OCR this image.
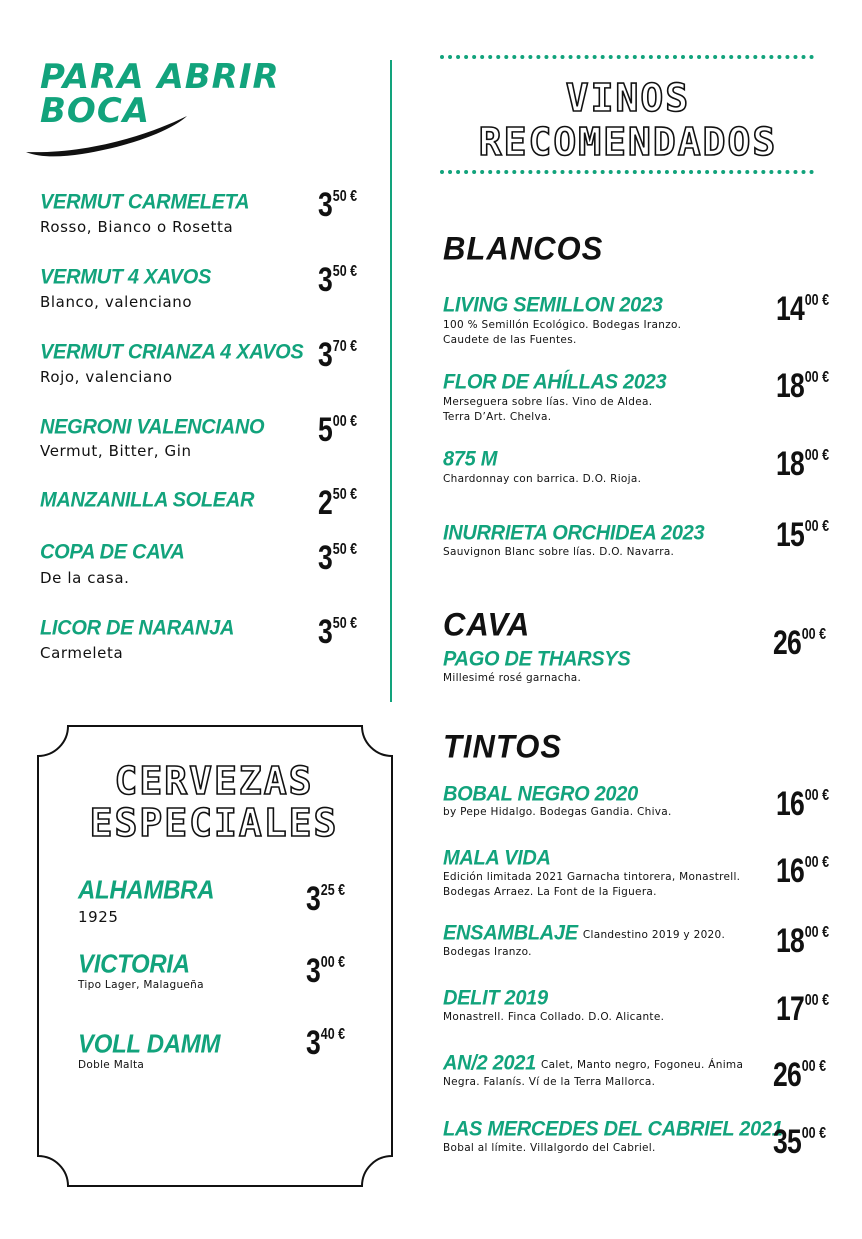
PARA ABRIR
BOCA
VERMUT CARMELETA
Rosso, Bianco o Rosetta
350 €
VERMUT 4 XAVOS
Blanco, valenciano
350 €
VERMUT CRIANZA 4 XAVOS
Rojo, valenciano
370 €
NEGRONI VALENCIANO
Vermut, Bitter, Gin
500 €
MANZANILLA SOLEAR 250 €
COPA DE CAVA
De la casa.
350 €
LICOR DE NARANJA
Carmeleta
350 €
CERVEZAS
ESPECIALES
ALHAMBRA
1925	325 €
VICTORIA
Tipo Lager, Malagueña	300 €
VOLL DAMM
Doble Malta
340 €
VINOS
RECOMENDADOS
BLANCOS
LIVING SEMILLON 2023
100 % Semillón Ecológico. Bodegas Iranzo.
Caudete de las Fuentes.
1400 €
FLOR DE AHÍLLAS 2023
Merseguera sobre lías. Vino de Aldea.
Terra D’Art. Chelva.
1800 €
875 M
Chardonnay con barrica. D.O. Rioja.	1800 €
INURRIETA ORCHIDEA 2023
Sauvignon Blanc sobre lías. D.O. Navarra.	1500 €
CAVA
PAGO DE THARSYS
Millesimé rosé garnacha.
2600 €
TINTOS
BOBAL NEGRO 2020
by Pepe Hidalgo. Bodegas Gandia. Chiva.	1600 €
MALA VIDA
Edición limitada 2021 Garnacha tintorera, Monastrell.
Bodegas Arraez. La Font de la Figuera.
1600 €
ENSAMBLAJE Clandestino 2019 y 2020.
Bodegas Iranzo.	1800 €
DELIT 2019
Monastrell. Finca Collado. D.O. Alicante.	1700 €
AN/2 2021 Calet, Manto negro, Fogoneu. Ánima
Negra. Falanís. Ví de la Terra Mallorca.	2600 €
LAS MERCEDES DEL CABRIEL 2021
Bobal al límite. Villalgordo del Cabriel.	3500 €
